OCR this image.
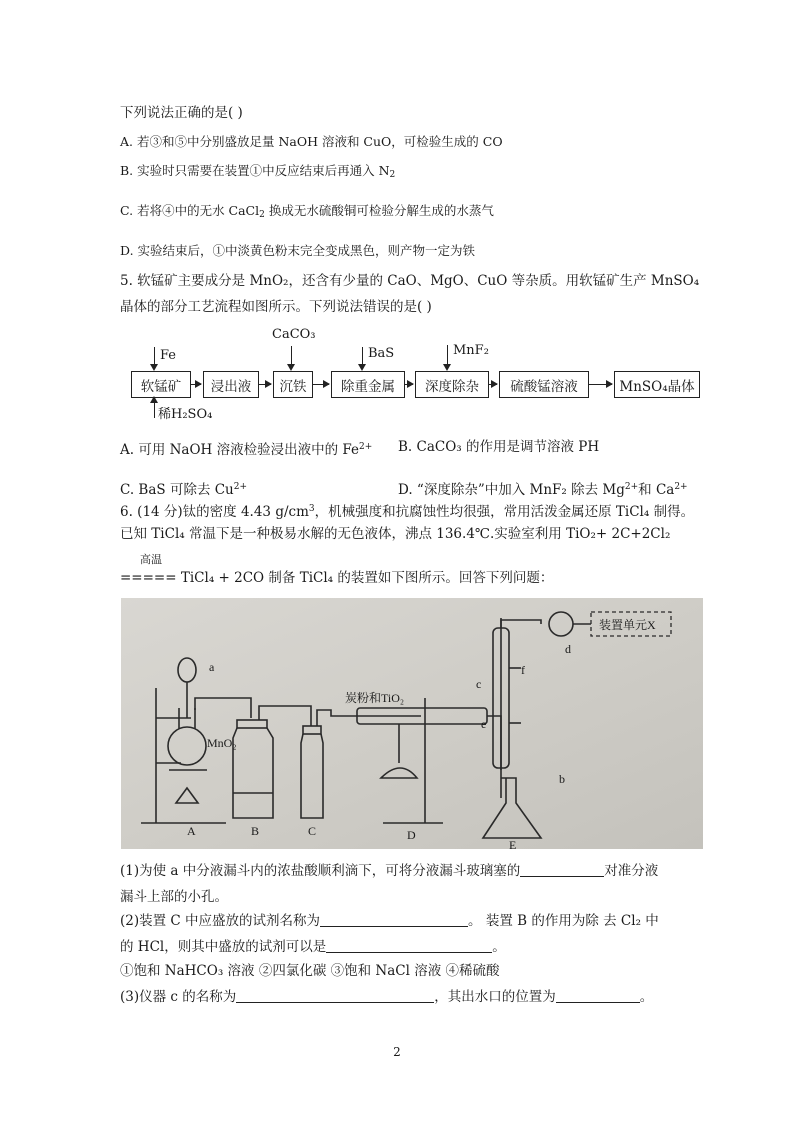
下列说法正确的是( )
A. 若③和⑤中分别盛放足量 NaOH 溶液和 CuO，可检验生成的 CO
B. 实验时只需要在装置①中反应结束后再通入 $N_2$
C. 若将④中的无水 CaCl$_2$ 换成无水硫酸铜可检验分解生成的水蒸气
D. 实验结束后，①中淡黄色粉末完全变成黑色，则产物一定为铁
5. 软锰矿主要成分是 MnO₂，还含有少量的 CaO、MgO、CuO 等杂质。用软锰矿生产 MnSO₄
晶体的部分工艺流程如图所示。下列说法错误的是( )
Fe
CaCO₃
BaS	MnF₂
软锰矿	浸出液	沉铁	除重金属	深度除杂	硫酸锰溶液	MnSO₄晶体
稀H₂SO₄
A. 可用 NaOH 溶液检验浸出液中的 $Fe^{2+}$ B. CaCO₃ 的作用是调节溶液 PH
C. BaS 可除去 $Cu^{2+}$	D. “深度除杂”中加入 MnF₂ 除去 $Mg^{2+}$和 $Ca^{2+}$
6. (14 分)钛的密度 4.43 $g/cm^3$，机械强度和抗腐蚀性均很强，常用活泼金属还原 TiCl₄ 制得。
已知 TiCl₄ 常温下是一种极易水解的无色液体，沸点 136.4℃.实验室利用 TiO₂+ 2C+2Cl₂
高温
===== TiCl₄ + 2CO 制备 TiCl₄ 的装置如下图所示。回答下列问题：
a
MnO₂
炭粉和TiO₂
b
c
d
e
f
装置单元X
A	B	C	D
E
(1)为使 a 中分液漏斗内的浓盐酸顺利滴下，可将分液漏斗玻璃塞的	对准分液
漏斗上部的小孔。
(2)装置 C 中应盛放的试剂名称为	。 装置 B 的作用为除 去 Cl₂ 中
的 HCl，则其中盛放的试剂可以是	。
①饱和 NaHCO₃ 溶液 ②四氯化碳 ③饱和 NaCl 溶液 ④稀硫酸
(3)仪器 c 的名称为	，其出水口的位置为	。
2
